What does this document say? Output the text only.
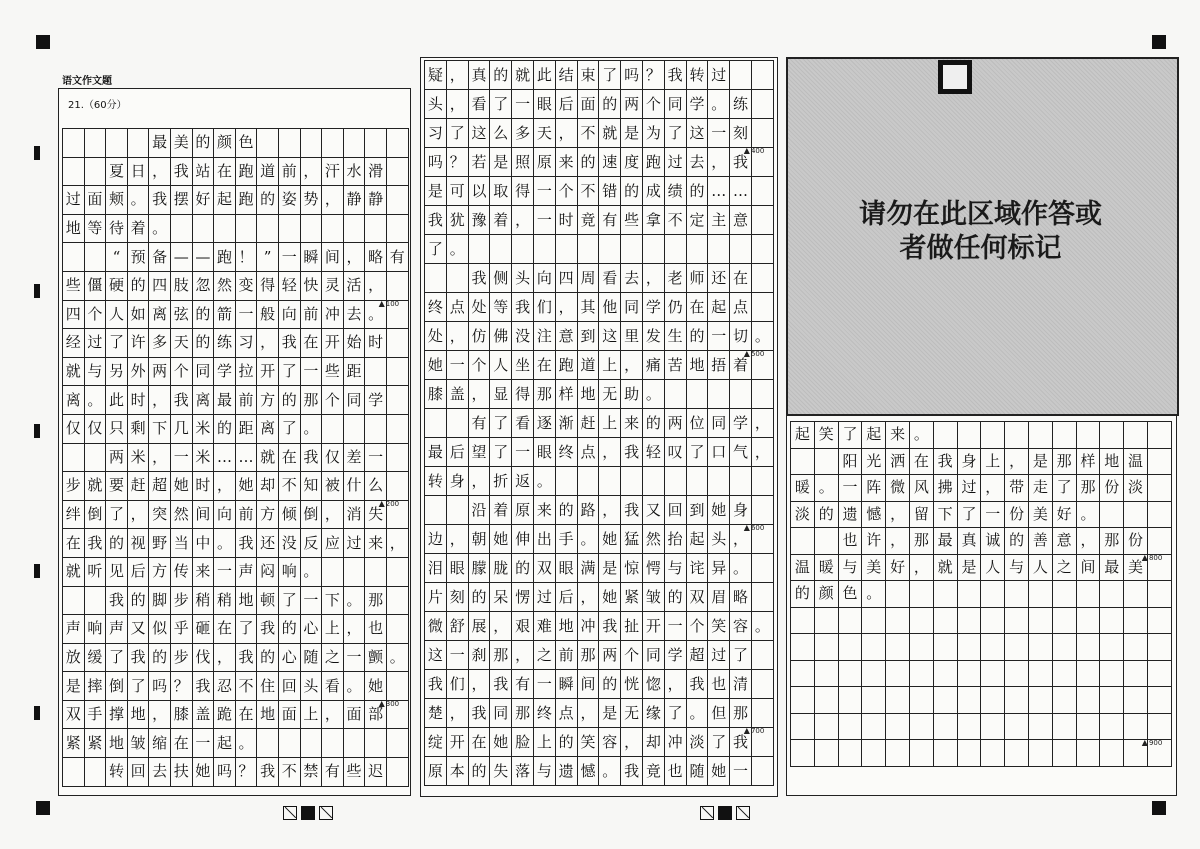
语文作文题
21.（60分）
最 美 的 颜 色
夏 日 ， 我 站 在 跑 道 前 ， 汗 水 滑
过 面 颊 。 我 摆 好 起 跑 的 姿 势 ， 静 静
地 等 待 着 。
“ 预 备 — — 跑 ！ ” 一 瞬 间 ， 略 有
些 僵 硬 的 四 肢 忽 然 变 得 轻 快 灵 活 ，
四 个 人 如 离 弦 的 箭 一 般 向 前 冲 去 。
经 过 了 许 多 天 的 练 习 ， 我 在 开 始 时
就 与 另 外 两 个 同 学 拉 开 了 一 些 距
离 。 此 时 ， 我 离 最 前 方 的 那 个 同 学
仅 仅 只 剩 下 几 米 的 距 离 了 。
两 米 ， 一 米 … … 就 在 我 仅 差 一
步 就 要 赶 超 她 时 ， 她 却 不 知 被 什 么
绊 倒 了 ， 突 然 间 向 前 方 倾 倒 ， 消 失
在 我 的 视 野 当 中 。 我 还 没 反 应 过 来 ，
就 听 见 后 方 传 来 一 声 闷 响 。
我 的 脚 步 稍 稍 地 顿 了 一 下 。 那
声 响 声 又 似 乎 砸 在 了 我 的 心 上 ， 也
放 缓 了 我 的 步 伐 ， 我 的 心 随 之 一 颤 。
是 摔 倒 了 吗 ？ 我 忍 不 住 回 头 看 。 她
双 手 撑 地 ， 膝 盖 跪 在 地 面 上 ， 面 部
紧 紧 地 皱 缩 在 一 起 。
转 回 去 扶 她 吗 ？ 我 不 禁 有 些 迟
▲ 100
▲ 200
▲ 300
疑 ， 真 的 就 此 结 束 了 吗 ？ 我 转 过
头 ， 看 了 一 眼 后 面 的 两 个 同 学 。 练
习 了 这 么 多 天 ， 不 就 是 为 了 这 一 刻
吗 ？ 若 是 照 原 来 的 速 度 跑 过 去 ， 我
是 可 以 取 得 一 个 不 错 的 成 绩 的 … …
我 犹 豫 着 ， 一 时 竟 有 些 拿 不 定 主 意
了 。
我 侧 头 向 四 周 看 去 ， 老 师 还 在
终 点 处 等 我 们 ， 其 他 同 学 仍 在 起 点
处 ， 仿 佛 没 注 意 到 这 里 发 生 的 一 切 。
她 一 个 人 坐 在 跑 道 上 ， 痛 苦 地 捂 着
膝 盖 ， 显 得 那 样 地 无 助 。
有 了 看 逐 渐 赶 上 来 的 两 位 同 学 ，
最 后 望 了 一 眼 终 点 ， 我 轻 叹 了 口 气 ，
转 身 ， 折 返 。
沿 着 原 来 的 路 ， 我 又 回 到 她 身
边 ， 朝 她 伸 出 手 。 她 猛 然 抬 起 头 ，
泪 眼 朦 胧 的 双 眼 满 是 惊 愕 与 诧 异 。
片 刻 的 呆 愣 过 后 ， 她 紧 皱 的 双 眉 略
微 舒 展 ， 艰 难 地 冲 我 扯 开 一 个 笑 容 。
这 一 刹 那 ， 之 前 那 两 个 同 学 超 过 了
我 们 ， 我 有 一 瞬 间 的 恍 惚 ， 我 也 清
楚 ， 我 同 那 终 点 ， 是 无 缘 了 。 但 那
绽 开 在 她 脸 上 的 笑 容 ， 却 冲 淡 了 我
原 本 的 失 落 与 遗 憾 。 我 竟 也 随 她 一
▲ 400
▲ 500
▲ 600
▲ 700
起 笑 了 起 来 。
阳 光 洒 在 我 身 上 ， 是 那 样 地 温
暖 。 一 阵 微 风 拂 过 ， 带 走 了 那 份 淡
淡 的 遗 憾 ， 留 下 了 一 份 美 好 。
也 许 ， 那 最 真 诚 的 善 意 ， 那 份
温 暖 与 美 好 ， 就 是 人 与 人 之 间 最 美
的 颜 色 。
▲ 800
▲ 900
请勿在此区域作答或
者做任何标记
